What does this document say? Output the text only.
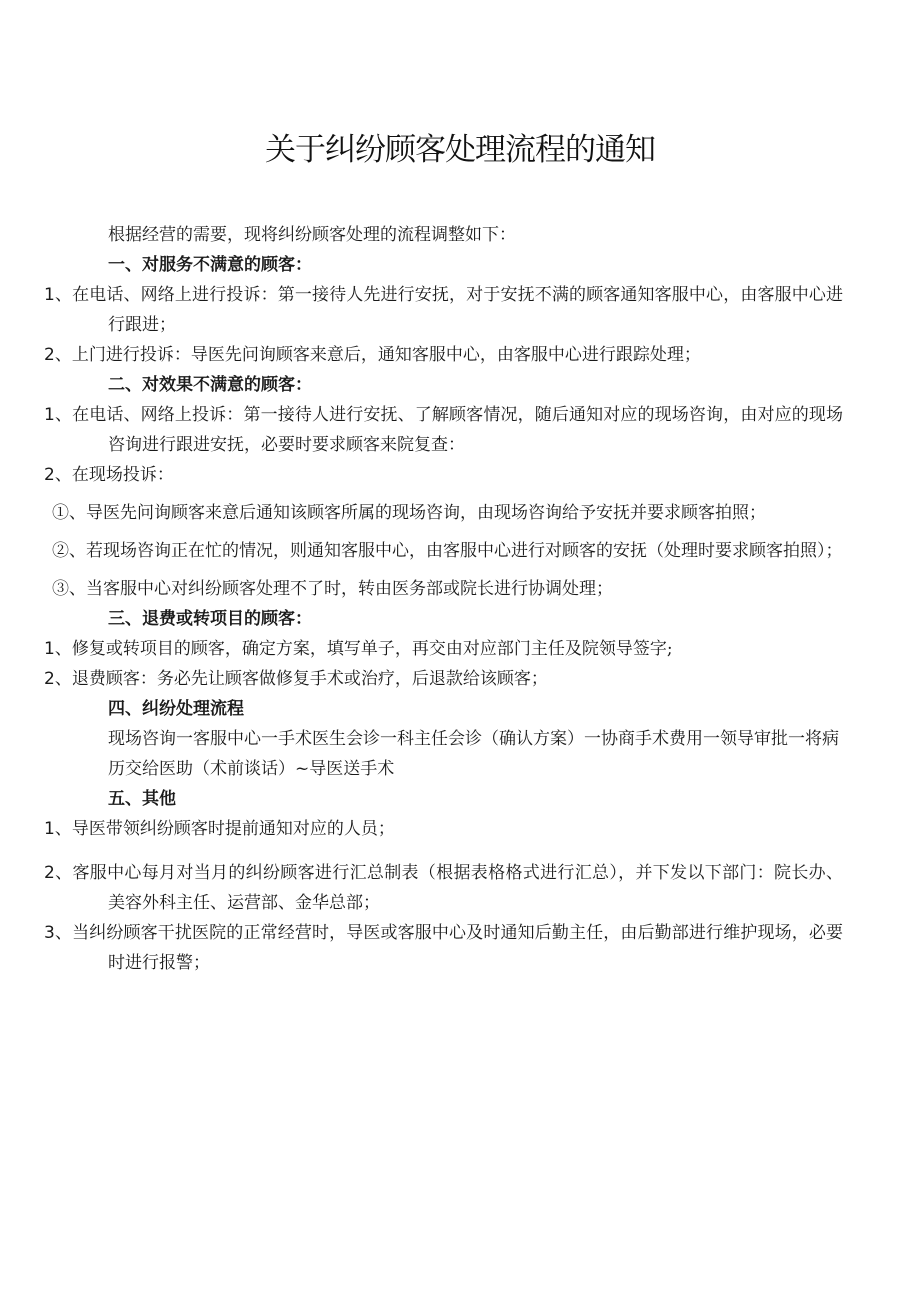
关于纠纷顾客处理流程的通知

根据经营的需要，现将纠纷顾客处理的流程调整如下：

一、对服务不满意的顾客：

1、在电话、网络上进行投诉：第一接待人先进行安抚，对于安抚不满的顾客通知客服中心，由客服中心进行跟进；

2、上门进行投诉：导医先问询顾客来意后，通知客服中心，由客服中心进行跟踪处理；

二、对效果不满意的顾客：

1、在电话、网络上投诉：第一接待人进行安抚、了解顾客情况，随后通知对应的现场咨询，由对应的现场咨询进行跟进安抚，必要时要求顾客来院复查：

2、在现场投诉：

①、导医先问询顾客来意后通知该顾客所属的现场咨询，由现场咨询给予安抚并要求顾客拍照；

②、若现场咨询正在忙的情况，则通知客服中心，由客服中心进行对顾客的安抚（处理时要求顾客拍照）；

③、当客服中心对纠纷顾客处理不了时，转由医务部或院长进行协调处理；

三、退费或转项目的顾客：

1、修复或转项目的顾客，确定方案，填写单子，再交由对应部门主任及院领导签字;

2、退费顾客：务必先让顾客做修复手术或治疗，后退款给该顾客；

四、纠纷处理流程

现场咨询一客服中心一手术医生会诊一科主任会诊（确认方案）一协商手术费用一领导审批一将病历交给医助（术前谈话）~导医送手术

五、其他

1、导医带领纠纷顾客时提前通知对应的人员；

2、客服中心每月对当月的纠纷顾客进行汇总制表（根据表格格式进行汇总），并下发以下部门：院长办、美容外科主任、运营部、金华总部；

3、当纠纷顾客干扰医院的正常经营时，导医或客服中心及时通知后勤主任，由后勤部进行维护现场，必要时进行报警；
